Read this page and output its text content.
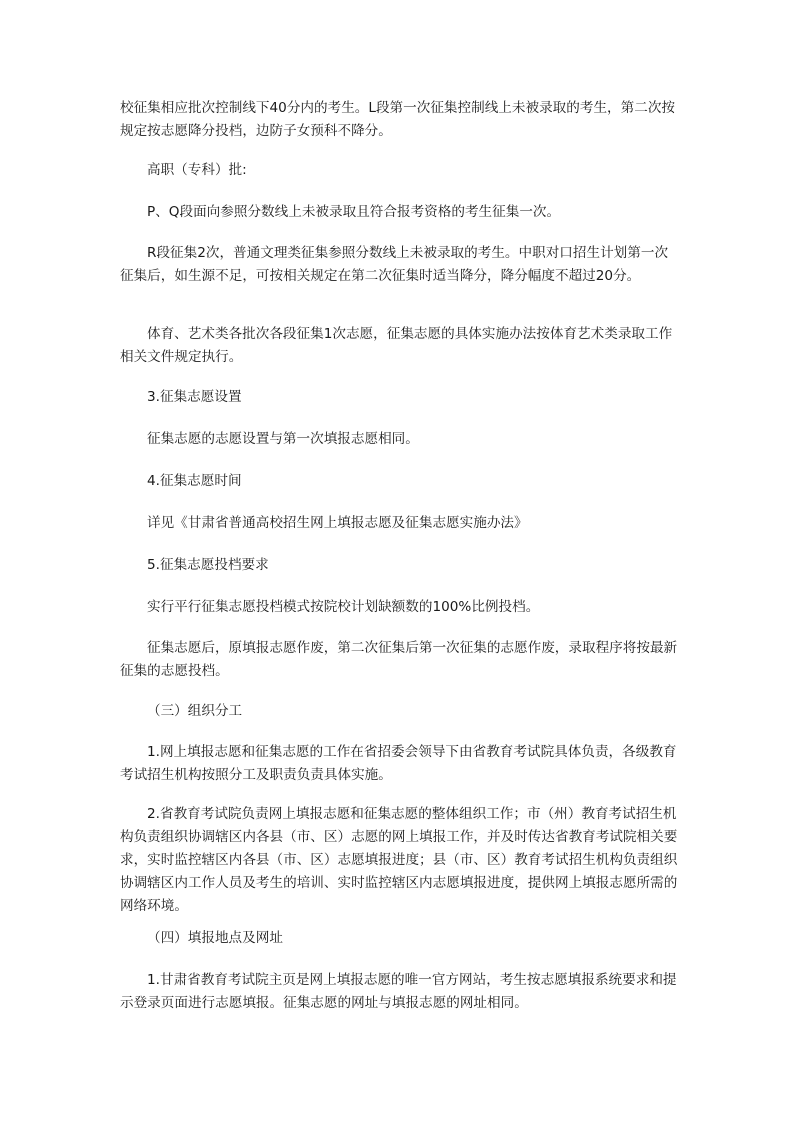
校征集相应批次控制线下40分内的考生。L段第一次征集控制线上未被录取的考生，第二次按规定按志愿降分投档，边防子女预科不降分。

高职（专科）批:

P、Q段面向参照分数线上未被录取且符合报考资格的考生征集一次。

R段征集2次，普通文理类征集参照分数线上未被录取的考生。中职对口招生计划第一次征集后，如生源不足，可按相关规定在第二次征集时适当降分，降分幅度不超过20分。

体育、艺术类各批次各段征集1次志愿，征集志愿的具体实施办法按体育艺术类录取工作相关文件规定执行。

3.征集志愿设置

征集志愿的志愿设置与第一次填报志愿相同。

4.征集志愿时间

详见《甘肃省普通高校招生网上填报志愿及征集志愿实施办法》

5.征集志愿投档要求

实行平行征集志愿投档模式按院校计划缺额数的100%比例投档。

征集志愿后，原填报志愿作废，第二次征集后第一次征集的志愿作废，录取程序将按最新征集的志愿投档。

（三）组织分工

1.网上填报志愿和征集志愿的工作在省招委会领导下由省教育考试院具体负责，各级教育考试招生机构按照分工及职责负责具体实施。

2.省教育考试院负责网上填报志愿和征集志愿的整体组织工作；市（州）教育考试招生机构负责组织协调辖区内各县（市、区）志愿的网上填报工作，并及时传达省教育考试院相关要求，实时监控辖区内各县（市、区）志愿填报进度；县（市、区）教育考试招生机构负责组织协调辖区内工作人员及考生的培训、实时监控辖区内志愿填报进度，提供网上填报志愿所需的网络环境。

（四）填报地点及网址

1.甘肃省教育考试院主页是网上填报志愿的唯一官方网站，考生按志愿填报系统要求和提示登录页面进行志愿填报。征集志愿的网址与填报志愿的网址相同。
